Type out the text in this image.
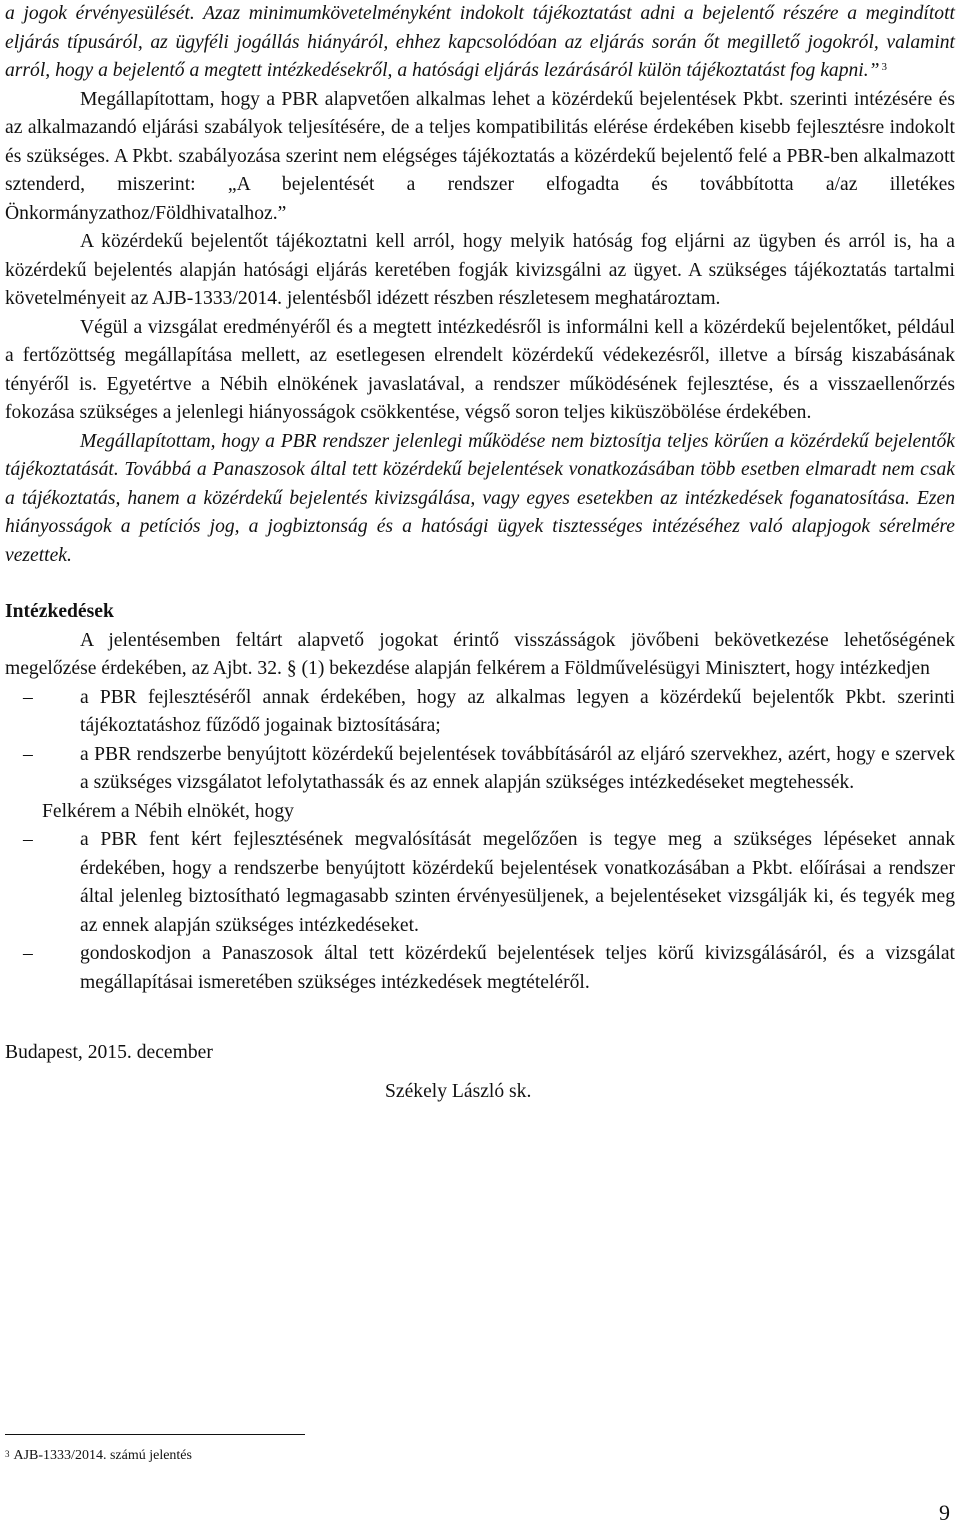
a jogok érvényesülését. Azaz minimumkövetelményként indokolt tájékoztatást adni a bejelentő részére a megindított eljárás típusáról, az ügyféli jogállás hiányáról, ehhez kapcsolódóan az eljárás során őt megillető jogokról, valamint arról, hogy a bejelentő a megtett intézkedésekről, a hatósági eljárás lezárásáról külön tájékoztatást fog kapni.” $^3$

Megállapítottam, hogy a PBR alapvetően alkalmas lehet a közérdekű bejelentések Pkbt. szerinti intézésére és az alkalmazandó eljárási szabályok teljesítésére, de a teljes kompatibilitás elérése érdekében kisebb fejlesztésre indokolt és szükséges. A Pkbt. szabályozása szerint nem elégséges tájékoztatás a közérdekű bejelentő felé a PBR-ben alkalmazott sztenderd, miszerint: „A bejelentését a rendszer elfogadta és továbbította a/az illetékes Önkormányzathoz/Földhivatalhoz.”

A közérdekű bejelentőt tájékoztatni kell arról, hogy melyik hatóság fog eljárni az ügyben és arról is, ha a közérdekű bejelentés alapján hatósági eljárás keretében fogják kivizsgálni az ügyet. A szükséges tájékoztatás tartalmi követelményeit az AJB-1333/2014. jelentésből idézett részben részletesem meghatároztam.

Végül a vizsgálat eredményéről és a megtett intézkedésről is informálni kell a közérdekű bejelentőket, például a fertőzöttség megállapítása mellett, az esetlegesen elrendelt közérdekű védekezésről, illetve a bírság kiszabásának tényéről is. Egyetértve a Nébih elnökének javaslatával, a rendszer működésének fejlesztése, és a visszaellenőrzés fokozása szükséges a jelenlegi hiányosságok csökkentése, végső soron teljes kiküszöbölése érdekében.

Megállapítottam, hogy a PBR rendszer jelenlegi működése nem biztosítja teljes körűen a közérdekű bejelentők tájékoztatását. Továbbá a Panaszosok által tett közérdekű bejelentések vonatkozásában több esetben elmaradt nem csak a tájékoztatás, hanem a közérdekű bejelentés kivizsgálása, vagy egyes esetekben az intézkedések foganatosítása. Ezen hiányosságok a petíciós jog, a jogbiztonság és a hatósági ügyek tisztességes intézéséhez való alapjogok sérelmére vezettek.

Intézkedések

A jelentésemben feltárt alapvető jogokat érintő visszásságok jövőbeni bekövetkezése lehetőségének megelőzése érdekében, az Ajbt. 32. § (1) bekezdése alapján felkérem a Földművelésügyi Minisztert, hogy intézkedjen

– a PBR fejlesztéséről annak érdekében, hogy az alkalmas legyen a közérdekű bejelentők Pkbt. szerinti tájékoztatáshoz fűződő jogainak biztosítására;
– a PBR rendszerbe benyújtott közérdekű bejelentések továbbításáról az eljáró szervekhez, azért, hogy e szervek a szükséges vizsgálatot lefolytathassák és az ennek alapján szükséges intézkedéseket megtehessék.
Felkérem a Nébih elnökét, hogy
– a PBR fent kért fejlesztésének megvalósítását megelőzően is tegye meg a szükséges lépéseket annak érdekében, hogy a rendszerbe benyújtott közérdekű bejelentések vonatkozásában a Pkbt. előírásai a rendszer által jelenleg biztosítható legmagasabb szinten érvényesüljenek, a bejelentéseket vizsgálják ki, és tegyék meg az ennek alapján szükséges intézkedéseket.
– gondoskodjon a Panaszosok által tett közérdekű bejelentések teljes körű kivizsgálásáról, és a vizsgálat megállapításai ismeretében szükséges intézkedések megtételéről.
Budapest, 2015. december
Székely László sk.
$^3$ AJB-1333/2014. számú jelentés
9
